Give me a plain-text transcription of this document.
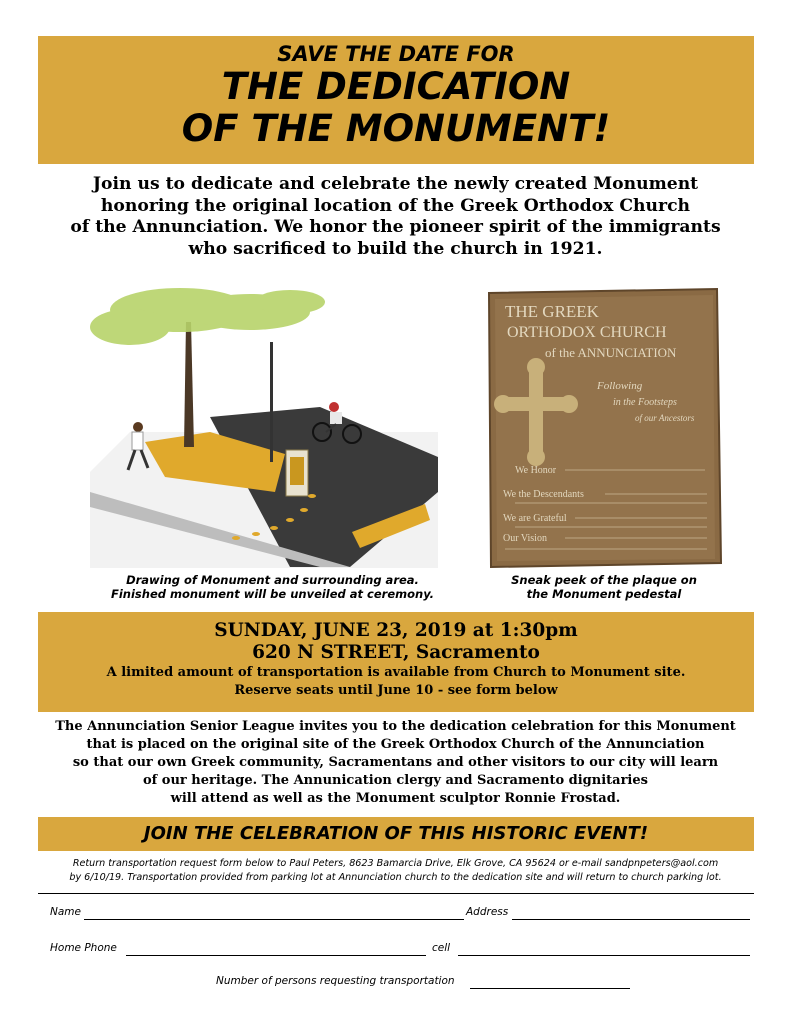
SAVE THE DATE FOR
THE DEDICATION
OF THE MONUMENT!
Join us to dedicate and celebrate the newly created Monument
honoring the original location of the Greek Orthodox Church
of the Annunciation. We honor the pioneer spirit of the immigrants
who sacrificed to build the church in 1921.
THE GREEK
ORTHODOX CHURCH
of the ANNUNCIATION
Following
in the Footsteps
of our Ancestors
We Honor
We the Descendants
We are Grateful
Our Vision
Drawing of Monument and surrounding area.
Finished monument will be unveiled at ceremony.
Sneak peek of the plaque on
the Monument pedestal
SUNDAY, JUNE 23, 2019 at 1:30pm
620 N STREET, Sacramento
A limited amount of transportation is available from Church to Monument site.
Reserve seats until June 10 - see form below
The Annunciation Senior League invites you to the dedication celebration for this Monument
that is placed on the original site of the Greek Orthodox Church of the Annunciation
so that our own Greek community, Sacramentans and other visitors to our city will learn
of our heritage. The Annunication clergy and Sacramento dignitaries
will attend as well as the Monument sculptor Ronnie Frostad.
JOIN THE CELEBRATION OF THIS HISTORIC EVENT!
Return transportation request form below to Paul Peters, 8623 Bamarcia Drive, Elk Grove, CA 95624 or e-mail sandpnpeters@aol.com
by 6/10/19. Transportation provided from parking lot at Annunciation church to the dedication site and will return to church parking lot.
Name	Address
Home Phone	cell
Number of persons requesting transportation
